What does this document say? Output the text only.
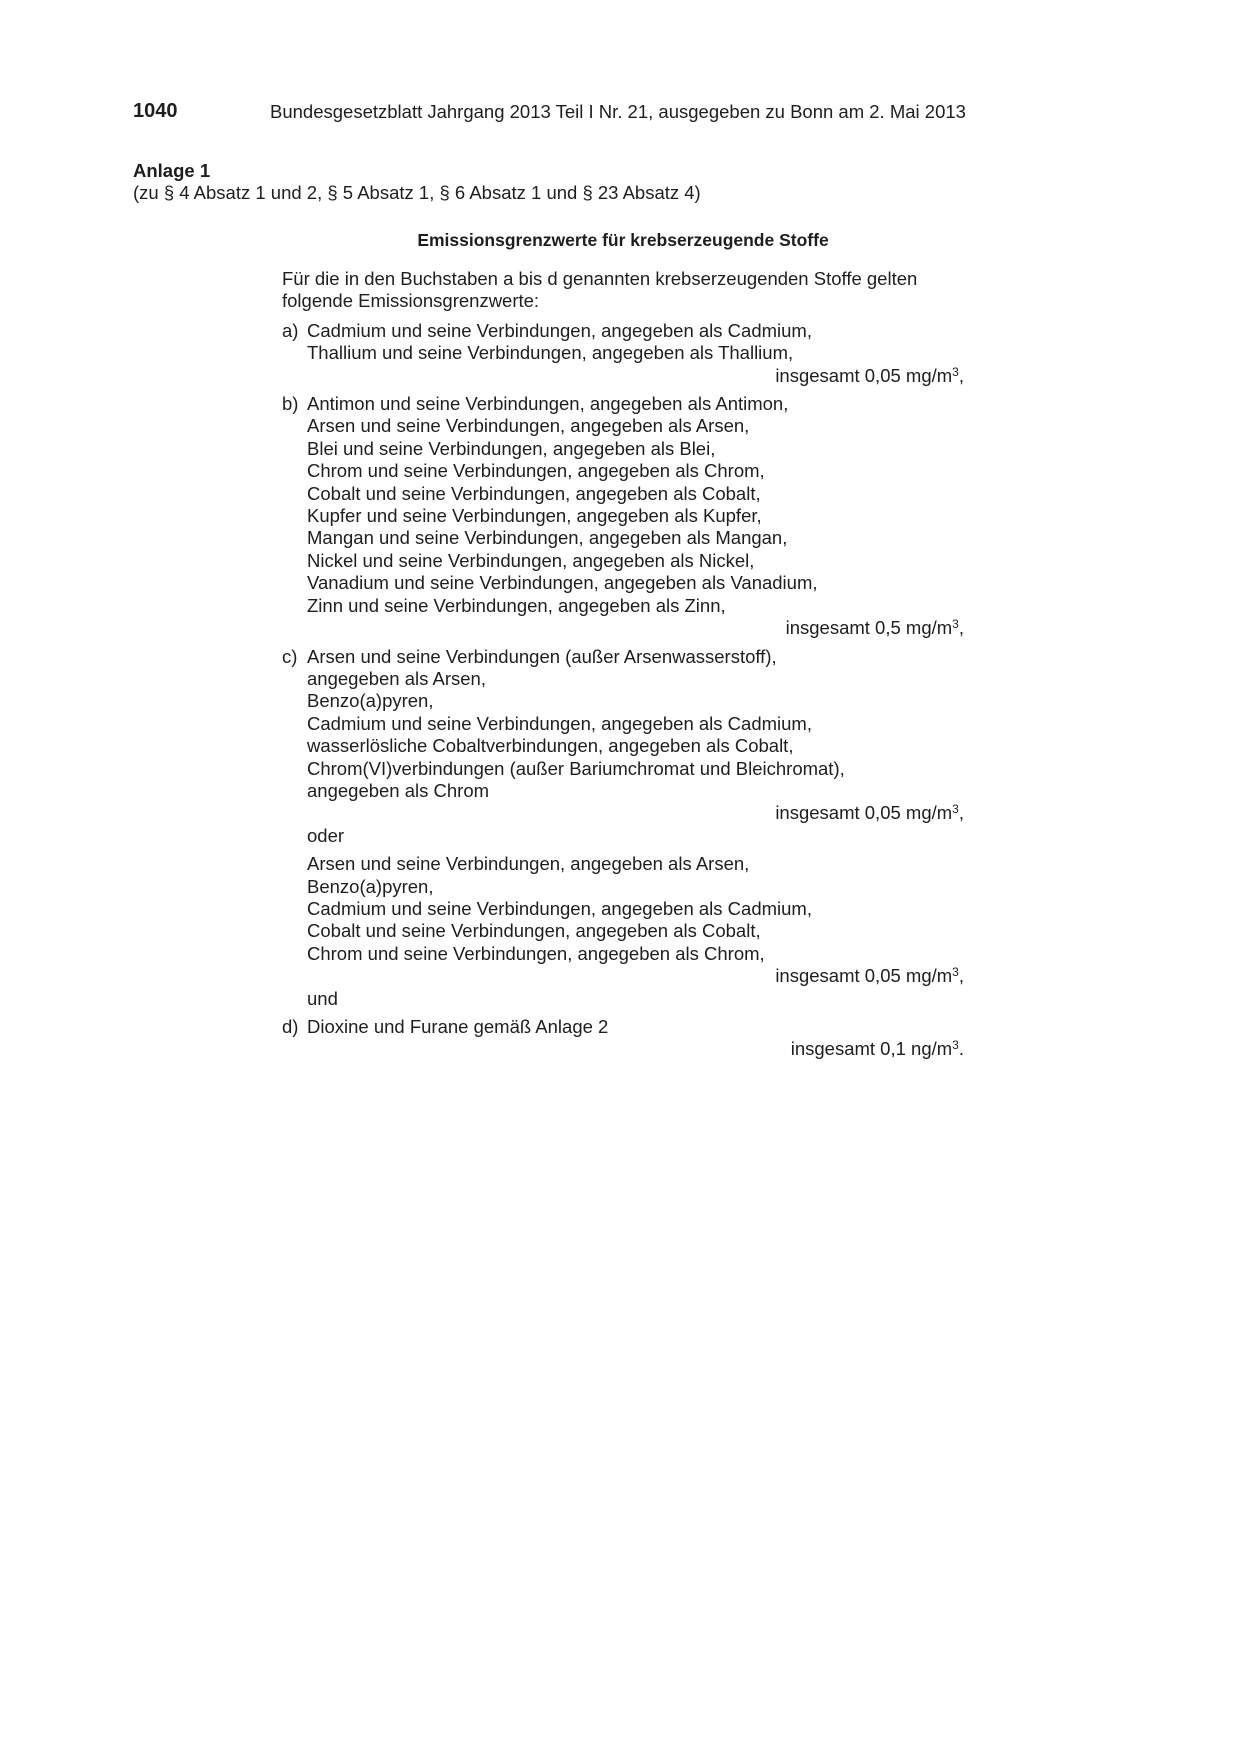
1040	Bundesgesetzblatt Jahrgang 2013 Teil I Nr. 21, ausgegeben zu Bonn am 2. Mai 2013
Anlage 1
(zu § 4 Absatz 1 und 2, § 5 Absatz 1, § 6 Absatz 1 und § 23 Absatz 4)
Emissionsgrenzwerte für krebserzeugende Stoffe

Für die in den Buchstaben a bis d genannten krebserzeugenden Stoffe gelten folgende Emissionsgrenzwerte:

a) Cadmium und seine Verbindungen, angegeben als Cadmium,
Thallium und seine Verbindungen, angegeben als Thallium,
insgesamt 0,05 $mg/m^3$,
b) Antimon und seine Verbindungen, angegeben als Antimon,
Arsen und seine Verbindungen, angegeben als Arsen,
Blei und seine Verbindungen, angegeben als Blei,
Chrom und seine Verbindungen, angegeben als Chrom,
Cobalt und seine Verbindungen, angegeben als Cobalt,
Kupfer und seine Verbindungen, angegeben als Kupfer,
Mangan und seine Verbindungen, angegeben als Mangan,
Nickel und seine Verbindungen, angegeben als Nickel,
Vanadium und seine Verbindungen, angegeben als Vanadium,
Zinn und seine Verbindungen, angegeben als Zinn,
insgesamt 0,5 $mg/m^3$,
c) Arsen und seine Verbindungen (außer Arsenwasserstoff),
angegeben als Arsen,
Benzo(a)pyren,
Cadmium und seine Verbindungen, angegeben als Cadmium,
wasserlösliche Cobaltverbindungen, angegeben als Cobalt,
Chrom(VI)verbindungen (außer Bariumchromat und Bleichromat),
angegeben als Chrom
insgesamt 0,05 $mg/m^3$,
oder
Arsen und seine Verbindungen, angegeben als Arsen,
Benzo(a)pyren,
Cadmium und seine Verbindungen, angegeben als Cadmium,
Cobalt und seine Verbindungen, angegeben als Cobalt,
Chrom und seine Verbindungen, angegeben als Chrom,
insgesamt 0,05 $mg/m^3$,
und
d) Dioxine und Furane gemäß Anlage 2
insgesamt 0,1 $ng/m^3$.
